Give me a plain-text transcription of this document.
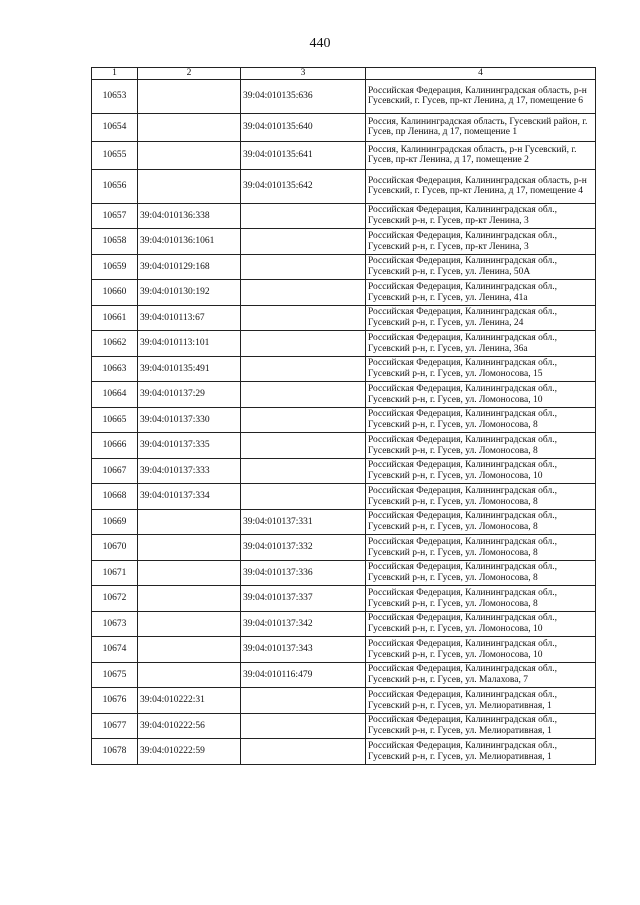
440
1	2	3	4
10653		39:04:010135:636	Российская Федерация, Калининградская область, р-н Гусевский, г. Гусев, пр-кт Ленина, д 17, помещение 6
10654		39:04:010135:640	Россия, Калининградская область, Гусевский район, г. Гусев, пр Ленина, д 17, помещение 1
10655		39:04:010135:641	Россия, Калининградская область, р-н Гусевский, г. Гусев, пр-кт Ленина, д 17, помещение 2
10656		39:04:010135:642	Российская Федерация, Калининградская область, р-н Гусевский, г. Гусев, пр-кт Ленина, д 17, помещение 4
10657	39:04:010136:338		Российская Федерация, Калининградская обл., Гусевский р-н, г. Гусев, пр-кт Ленина, 3
10658	39:04:010136:1061		Российская Федерация, Калининградская обл., Гусевский р-н, г. Гусев, пр-кт Ленина, 3
10659	39:04:010129:168		Российская Федерация, Калининградская обл., Гусевский р-н, г. Гусев, ул. Ленина, 50А
10660	39:04:010130:192		Российская Федерация, Калининградская обл., Гусевский р-н, г. Гусев, ул. Ленина, 41а
10661	39:04:010113:67		Российская Федерация, Калининградская обл., Гусевский р-н, г. Гусев, ул. Ленина, 24
10662	39:04:010113:101		Российская Федерация, Калининградская обл., Гусевский р-н, г. Гусев, ул. Ленина, 36а
10663	39:04:010135:491		Российская Федерация, Калининградская обл., Гусевский р-н, г. Гусев, ул. Ломоносова, 15
10664	39:04:010137:29		Российская Федерация, Калининградская обл., Гусевский р-н, г. Гусев, ул. Ломоносова, 10
10665	39:04:010137:330		Российская Федерация, Калининградская обл., Гусевский р-н, г. Гусев, ул. Ломоносова, 8
10666	39:04:010137:335		Российская Федерация, Калининградская обл., Гусевский р-н, г. Гусев, ул. Ломоносова, 8
10667	39:04:010137:333		Российская Федерация, Калининградская обл., Гусевский р-н, г. Гусев, ул. Ломоносова, 10
10668	39:04:010137:334		Российская Федерация, Калининградская обл., Гусевский р-н, г. Гусев, ул. Ломоносова, 8
10669		39:04:010137:331	Российская Федерация, Калининградская обл., Гусевский р-н, г. Гусев, ул. Ломоносова, 8
10670		39:04:010137:332	Российская Федерация, Калининградская обл., Гусевский р-н, г. Гусев, ул. Ломоносова, 8
10671		39:04:010137:336	Российская Федерация, Калининградская обл., Гусевский р-н, г. Гусев, ул. Ломоносова, 8
10672		39:04:010137:337	Российская Федерация, Калининградская обл., Гусевский р-н, г. Гусев, ул. Ломоносова, 8
10673		39:04:010137:342	Российская Федерация, Калининградская обл., Гусевский р-н, г. Гусев, ул. Ломоносова, 10
10674		39:04:010137:343	Российская Федерация, Калининградская обл., Гусевский р-н, г. Гусев, ул. Ломоносова, 10
10675		39:04:010116:479	Российская Федерация, Калининградская обл., Гусевский р-н, г. Гусев, ул. Малахова, 7
10676	39:04:010222:31		Российская Федерация, Калининградская обл., Гусевский р-н, г. Гусев, ул. Мелиоративная, 1
10677	39:04:010222:56		Российская Федерация, Калининградская обл., Гусевский р-н, г. Гусев, ул. Мелиоративная, 1
10678	39:04:010222:59		Российская Федерация, Калининградская обл., Гусевский р-н, г. Гусев, ул. Мелиоративная, 1
